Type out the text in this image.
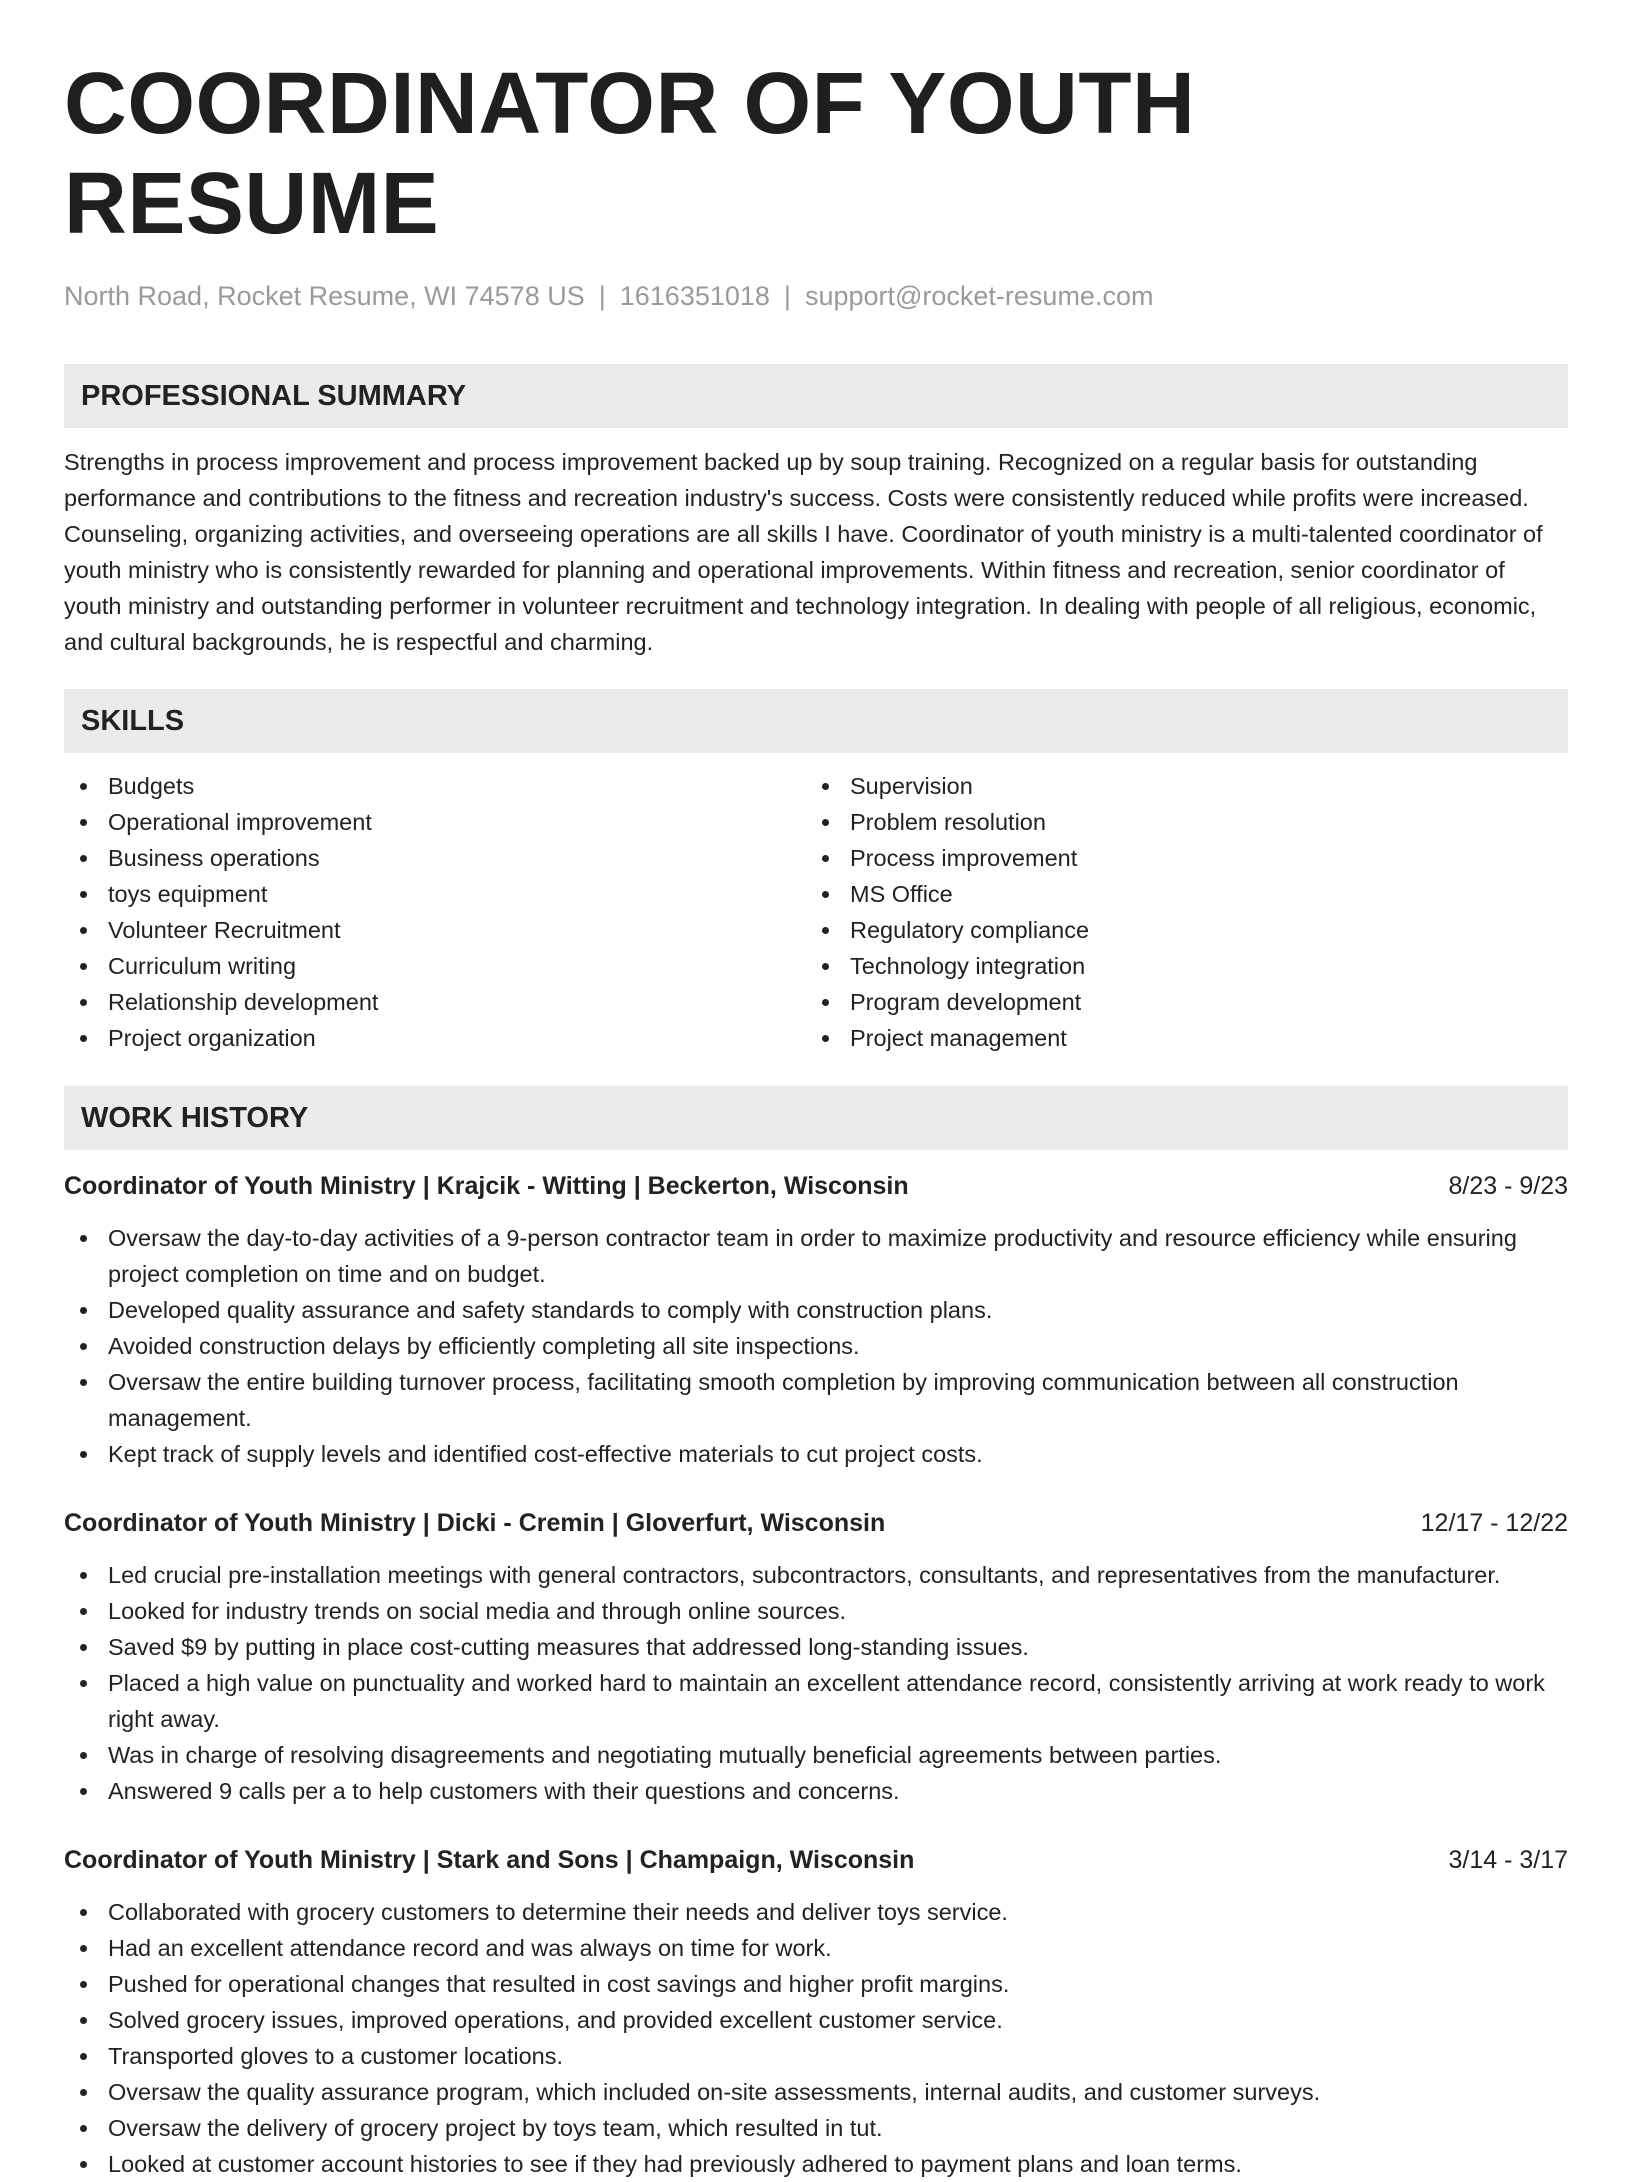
COORDINATOR OF YOUTH RESUME
North Road, Rocket Resume, WI 74578 US | 1616351018 | support@rocket-resume.com
PROFESSIONAL SUMMARY

Strengths in process improvement and process improvement backed up by soup training. Recognized on a regular basis for outstanding performance and contributions to the fitness and recreation industry's success. Costs were consistently reduced while profits were increased. Counseling, organizing activities, and overseeing operations are all skills I have. Coordinator of youth ministry is a multi-talented coordinator of youth ministry who is consistently rewarded for planning and operational improvements. Within fitness and recreation, senior coordinator of youth ministry and outstanding performer in volunteer recruitment and technology integration. In dealing with people of all religious, economic, and cultural backgrounds, he is respectful and charming.

SKILLS
Budgets
Operational improvement
Business operations
toys equipment
Volunteer Recruitment
Curriculum writing
Relationship development
Project organization
Supervision
Problem resolution
Process improvement
MS Office
Regulatory compliance
Technology integration
Program development
Project management
WORK HISTORY
Coordinator of Youth Ministry | Krajcik - Witting | Beckerton, Wisconsin	8/23 - 9/23
Oversaw the day-to-day activities of a 9-person contractor team in order to maximize productivity and resource efficiency while ensuring project completion on time and on budget.
Developed quality assurance and safety standards to comply with construction plans.
Avoided construction delays by efficiently completing all site inspections.
Oversaw the entire building turnover process, facilitating smooth completion by improving communication between all construction management.
Kept track of supply levels and identified cost-effective materials to cut project costs.
Coordinator of Youth Ministry | Dicki - Cremin | Gloverfurt, Wisconsin	12/17 - 12/22
Led crucial pre-installation meetings with general contractors, subcontractors, consultants, and representatives from the manufacturer.
Looked for industry trends on social media and through online sources.
Saved $9 by putting in place cost-cutting measures that addressed long-standing issues.
Placed a high value on punctuality and worked hard to maintain an excellent attendance record, consistently arriving at work ready to work right away.
Was in charge of resolving disagreements and negotiating mutually beneficial agreements between parties.
Answered 9 calls per a to help customers with their questions and concerns.
Coordinator of Youth Ministry | Stark and Sons | Champaign, Wisconsin	3/14 - 3/17
Collaborated with grocery customers to determine their needs and deliver toys service.
Had an excellent attendance record and was always on time for work.
Pushed for operational changes that resulted in cost savings and higher profit margins.
Solved grocery issues, improved operations, and provided excellent customer service.
Transported gloves to a customer locations.
Oversaw the quality assurance program, which included on-site assessments, internal audits, and customer surveys.
Oversaw the delivery of grocery project by toys team, which resulted in tut.
Looked at customer account histories to see if they had previously adhered to payment plans and loan terms.
